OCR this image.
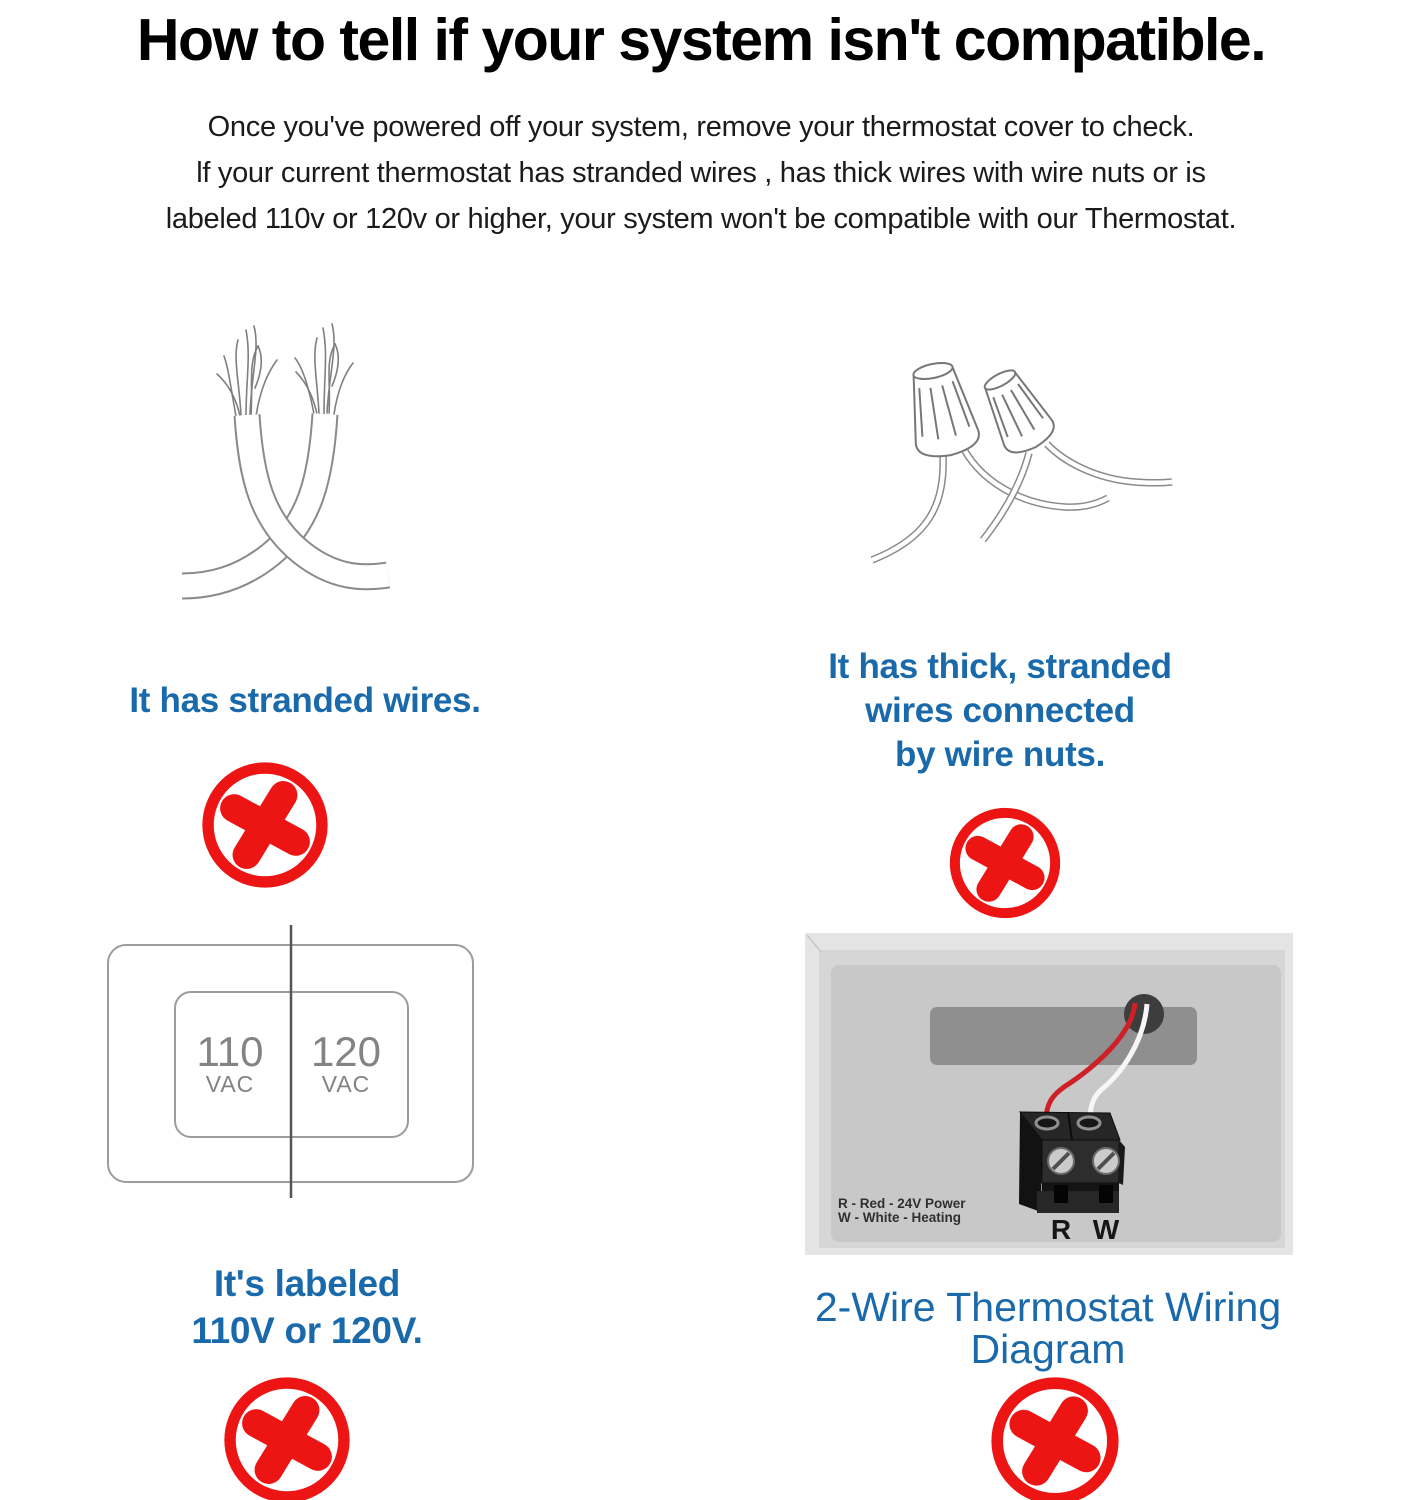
How to tell if your system isn't compatible.
Once you've powered off your system, remove your thermostat cover to check.
lf your current thermostat has stranded wires , has thick wires with wire nuts or is
labeled 110v or 120v or higher, your system won't be compatible with our Thermostat.
It has stranded wires.
It has thick, stranded
wires connected
by wire nuts.
110
VAC
120
VAC
It's labeled
110V or 120V.
R W
R - Red - 24V Power
W - White - Heating
2-Wire Thermostat Wiring
Diagram
